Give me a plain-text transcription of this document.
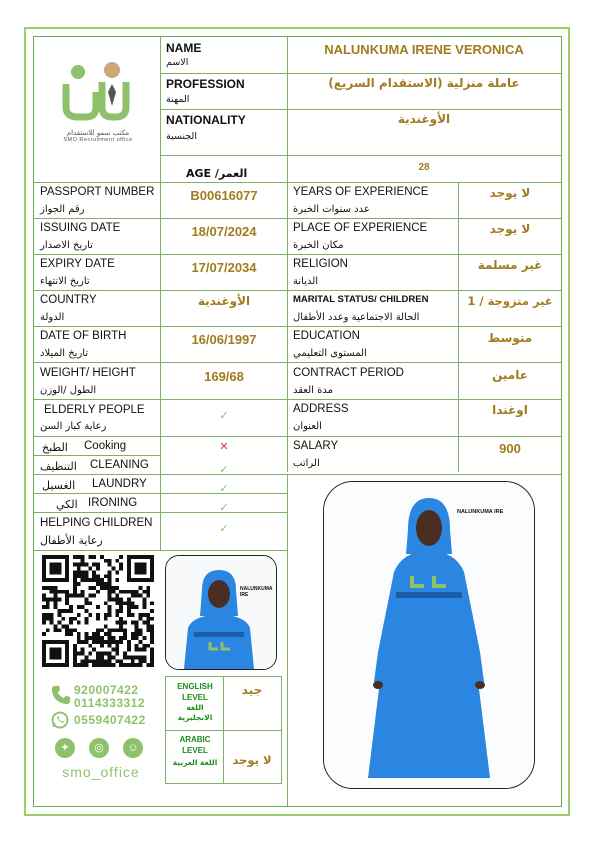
مكتب سمو للاستقدام
SMO Recruitment office
NAME
الاسم
NALUNKUMA IRENE VERONICA
PROFESSION
المهنة
عاملة منزلية (الاستقدام السريع)
NATIONALITY
الجنسية
الأوغندية
AGE /العمر	28
PASSPORT NUMBER
رقم الجواز
B00616077
ISSUING DATE
تاريخ الاصدار
18/07/2024
EXPIRY DATE
تاريخ الانتهاء
17/07/2034
COUNTRY
الدولة
الأوغندية
DATE OF BIRTH
تاريخ الميلاد
16/06/1997
WEIGHT/ HEIGHT
الطول /الوزن
169/68
YEARS OF EXPERIENCE
عدد سنوات الخبرة
لا يوجد
PLACE OF EXPERIENCE
مكان الخبرة
لا يوجد
RELIGION
الديانة
غير مسلمة
MARITAL STATUS/ CHILDREN
الحالة الاجتماعية وعدد الأطفال
غير متزوجة / 1
EDUCATION
المستوى التعليمي
متوسط
CONTRACT PERIOD
مدة العقد
عامين
ADDRESS
العنوان
اوغندا
SALARY
الراتب
900
ELDERLY PEOPLE
رعاية كبار السن
✓
الطبخ Cooking	✕
التنظيف CLEANING	✓
الغسيل LAUNDRY	✓
الكي IRONING	✓
HELPING CHILDREN
رعاية الأطفال
✓
920007422
0114333312
0559407422
✦	◎	☺
smo_office
NALUNKUMA IRE
ENGLISH LEVEL
اللغة الانجليزية
جيد
ARABIC LEVEL
اللغة العربية	لا يوجد
NALUNKUMA IRE
